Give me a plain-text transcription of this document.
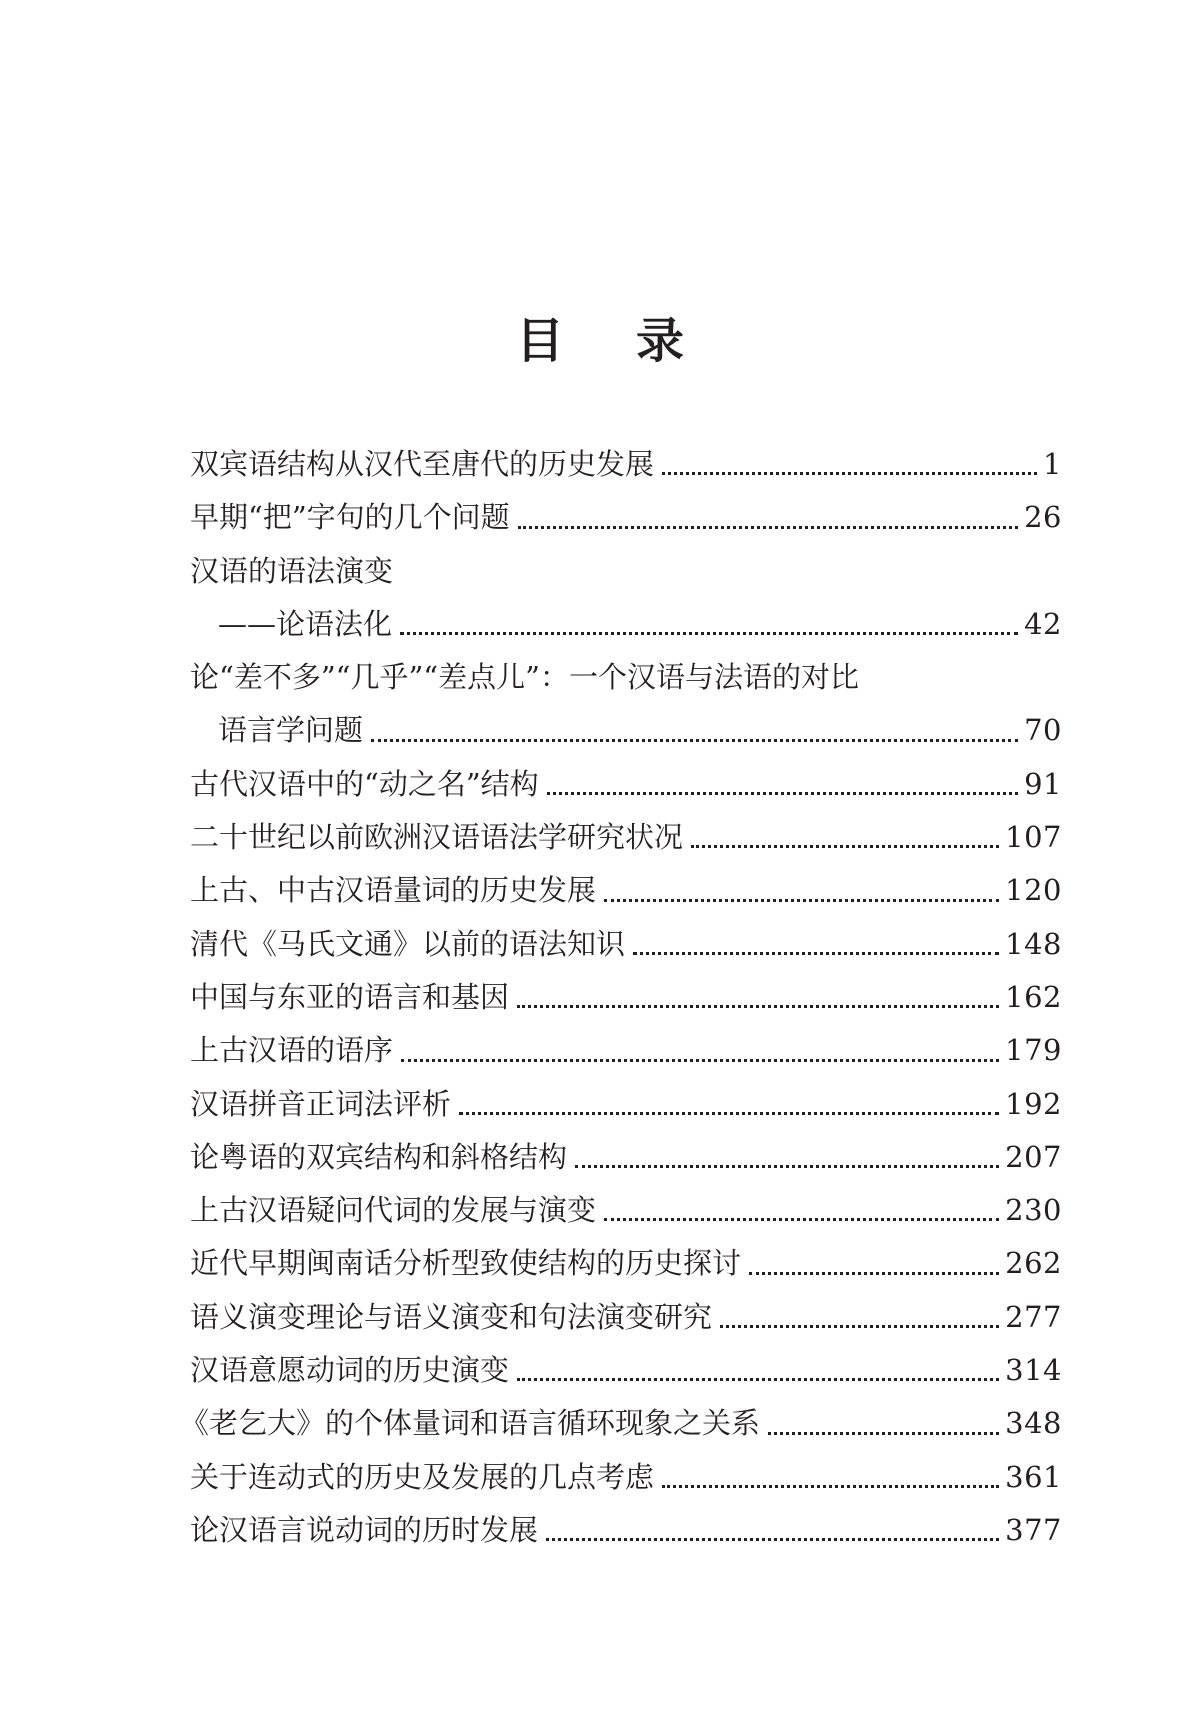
目 录
双宾语结构从汉代至唐代的历史发展	1
早期“把”字句的几个问题	26
汉语的语法演变
——论语法化	42
论“差不多”“几乎”“差点儿”：一个汉语与法语的对比
语言学问题	70
古代汉语中的“动之名”结构	91
二十世纪以前欧洲汉语语法学研究状况	107
上古、中古汉语量词的历史发展	120
清代《马氏文通》以前的语法知识	148
中国与东亚的语言和基因	162
上古汉语的语序	179
汉语拼音正词法评析	192
论粤语的双宾结构和斜格结构	207
上古汉语疑问代词的发展与演变	230
近代早期闽南话分析型致使结构的历史探讨	262
语义演变理论与语义演变和句法演变研究	277
汉语意愿动词的历史演变	314
《老乞大》的个体量词和语言循环现象之关系	348
关于连动式的历史及发展的几点考虑	361
论汉语言说动词的历时发展	377
